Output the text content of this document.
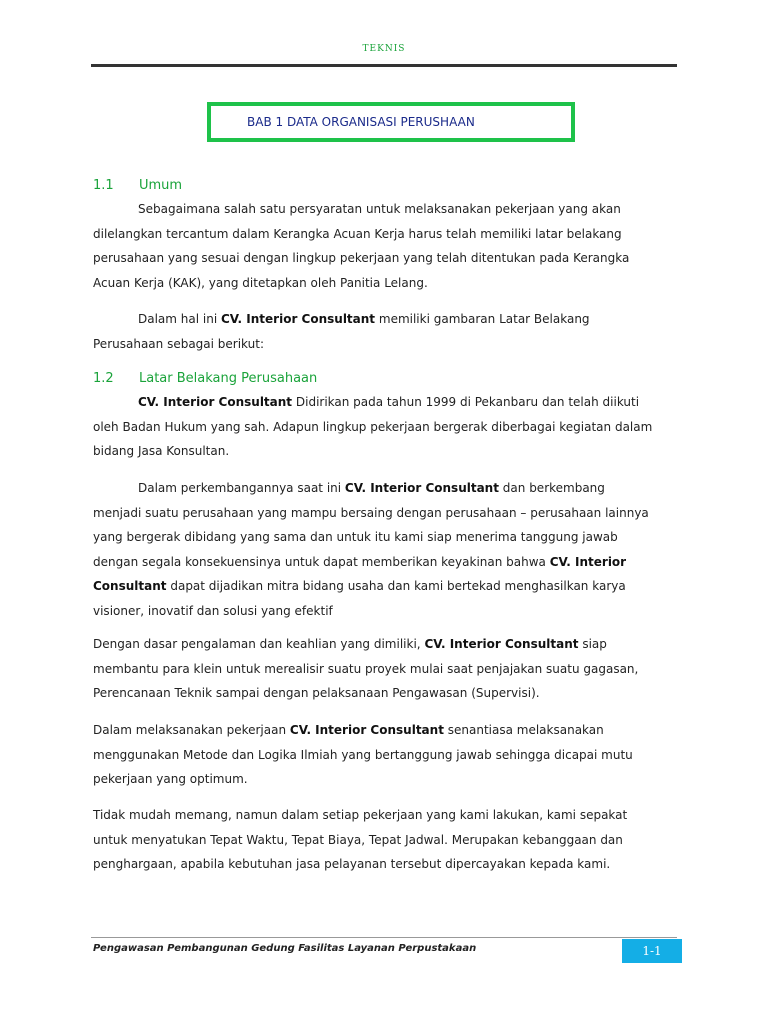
TEKNIS
BAB 1 DATA ORGANISASI PERUSHAAN
1.1 Umum
Sebagaimana salah satu persyaratan untuk melaksanakan pekerjaan yang akan
dilelangkan tercantum dalam Kerangka Acuan Kerja harus telah memiliki latar belakang
perusahaan yang sesuai dengan lingkup pekerjaan yang telah ditentukan pada Kerangka
Acuan Kerja (KAK), yang ditetapkan oleh Panitia Lelang.
Dalam hal ini CV. Interior Consultant memiliki gambaran Latar Belakang
Perusahaan sebagai berikut:
1.2 Latar Belakang Perusahaan
CV. Interior Consultant Didirikan pada tahun 1999 di Pekanbaru dan telah diikuti
oleh Badan Hukum yang sah. Adapun lingkup pekerjaan bergerak diberbagai kegiatan dalam
bidang Jasa Konsultan.
Dalam perkembangannya saat ini CV. Interior Consultant dan berkembang
menjadi suatu perusahaan yang mampu bersaing dengan perusahaan – perusahaan lainnya
yang bergerak dibidang yang sama dan untuk itu kami siap menerima tanggung jawab
dengan segala konsekuensinya untuk dapat memberikan keyakinan bahwa CV. Interior
Consultant dapat dijadikan mitra bidang usaha dan kami bertekad menghasilkan karya
visioner, inovatif dan solusi yang efektif
Dengan dasar pengalaman dan keahlian yang dimiliki, CV. Interior Consultant siap
membantu para klein untuk merealisir suatu proyek mulai saat penjajakan suatu gagasan,
Perencanaan Teknik sampai dengan pelaksanaan Pengawasan (Supervisi).
Dalam melaksanakan pekerjaan CV. Interior Consultant senantiasa melaksanakan
menggunakan Metode dan Logika Ilmiah yang bertanggung jawab sehingga dicapai mutu
pekerjaan yang optimum.
Tidak mudah memang, namun dalam setiap pekerjaan yang kami lakukan, kami sepakat
untuk menyatukan Tepat Waktu, Tepat Biaya, Tepat Jadwal. Merupakan kebanggaan dan
penghargaan, apabila kebutuhan jasa pelayanan tersebut dipercayakan kepada kami.
Pengawasan Pembangunan Gedung Fasilitas Layanan Perpustakaan	1-1
